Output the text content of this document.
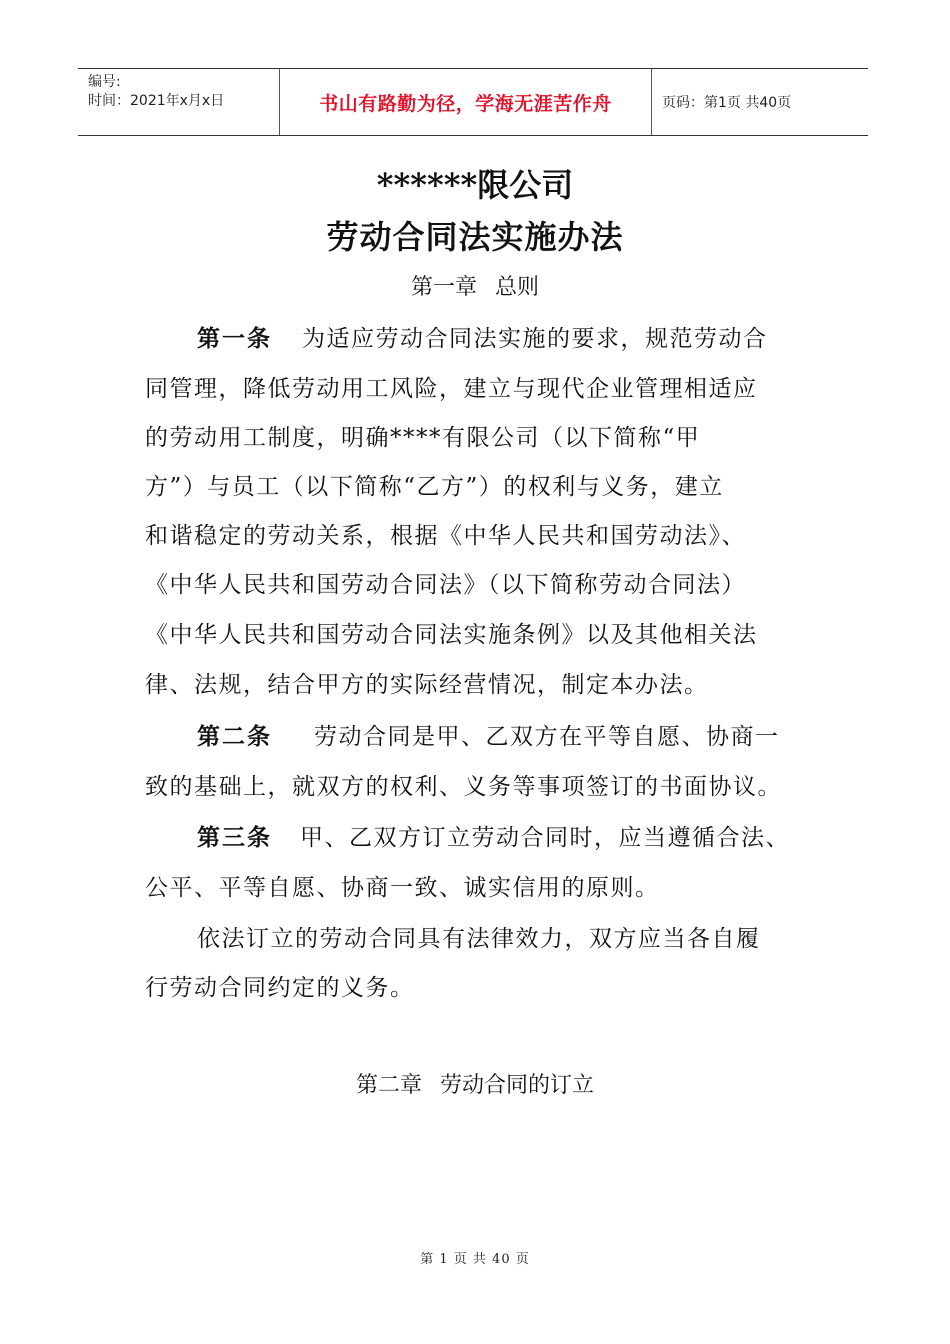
编号:
时间：2021年x月x日	书山有路勤为径，学海无涯苦作舟	页码：第1页 共40页
******限公司
劳动合同法实施办法
第一章 总则
第一条 为适应劳动合同法实施的要求，规范劳动合
同管理，降低劳动用工风险，建立与现代企业管理相适应
的劳动用工制度，明确****有限公司（以下简称“甲
方”）与员工（以下简称“乙方”）的权利与义务，建立
和谐稳定的劳动关系，根据《中华人民共和国劳动法》、
《中华人民共和国劳动合同法》（以下简称劳动合同法）
《中华人民共和国劳动合同法实施条例》以及其他相关法
律、法规，结合甲方的实际经营情况，制定本办法。
第二条 劳动合同是甲、乙双方在平等自愿、协商一
致的基础上，就双方的权利、义务等事项签订的书面协议。
第三条 甲、乙双方订立劳动合同时，应当遵循合法、
公平、平等自愿、协商一致、诚实信用的原则。
依法订立的劳动合同具有法律效力，双方应当各自履
行劳动合同约定的义务。
第二章 劳动合同的订立
第 1 页 共 40 页
